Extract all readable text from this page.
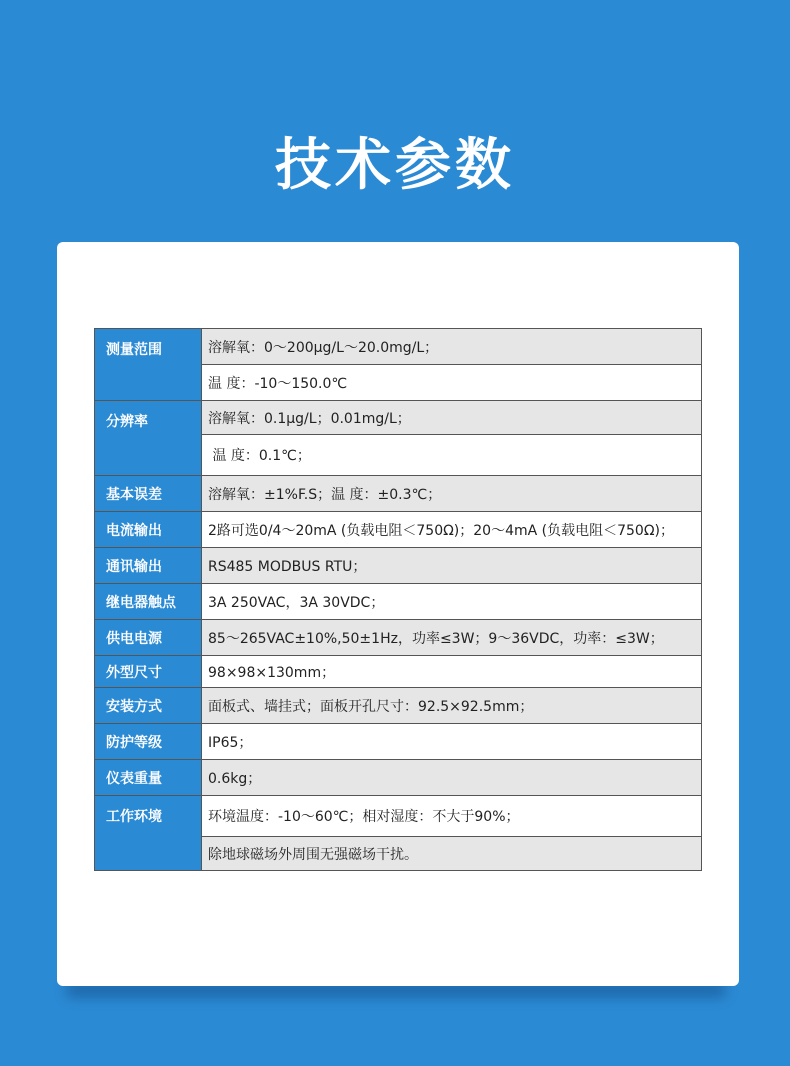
技术参数
测量范围	溶解氧：0～200μg/L～20.0mg/L；
	温 度：-10～150.0℃
分辨率	溶解氧：0.1μg/L；0.01mg/L；
	温 度：0.1℃；
基本误差	溶解氧：±1%F.S；温 度：±0.3℃；
电流输出	2路可选0/4～20mA (负载电阻＜750Ω)；20～4mA (负载电阻＜750Ω)；
通讯输出	RS485 MODBUS RTU；
继电器触点	3A 250VAC，3A 30VDC；
供电电源	85～265VAC±10%,50±1Hz，功率≤3W；9～36VDC，功率：≤3W；
外型尺寸	98×98×130mm；
安装方式	面板式、墙挂式；面板开孔尺寸：92.5×92.5mm；
防护等级	IP65；
仪表重量	0.6kg；
工作环境	环境温度：-10～60℃；相对湿度：不大于90%；
	除地球磁场外周围无强磁场干扰。
